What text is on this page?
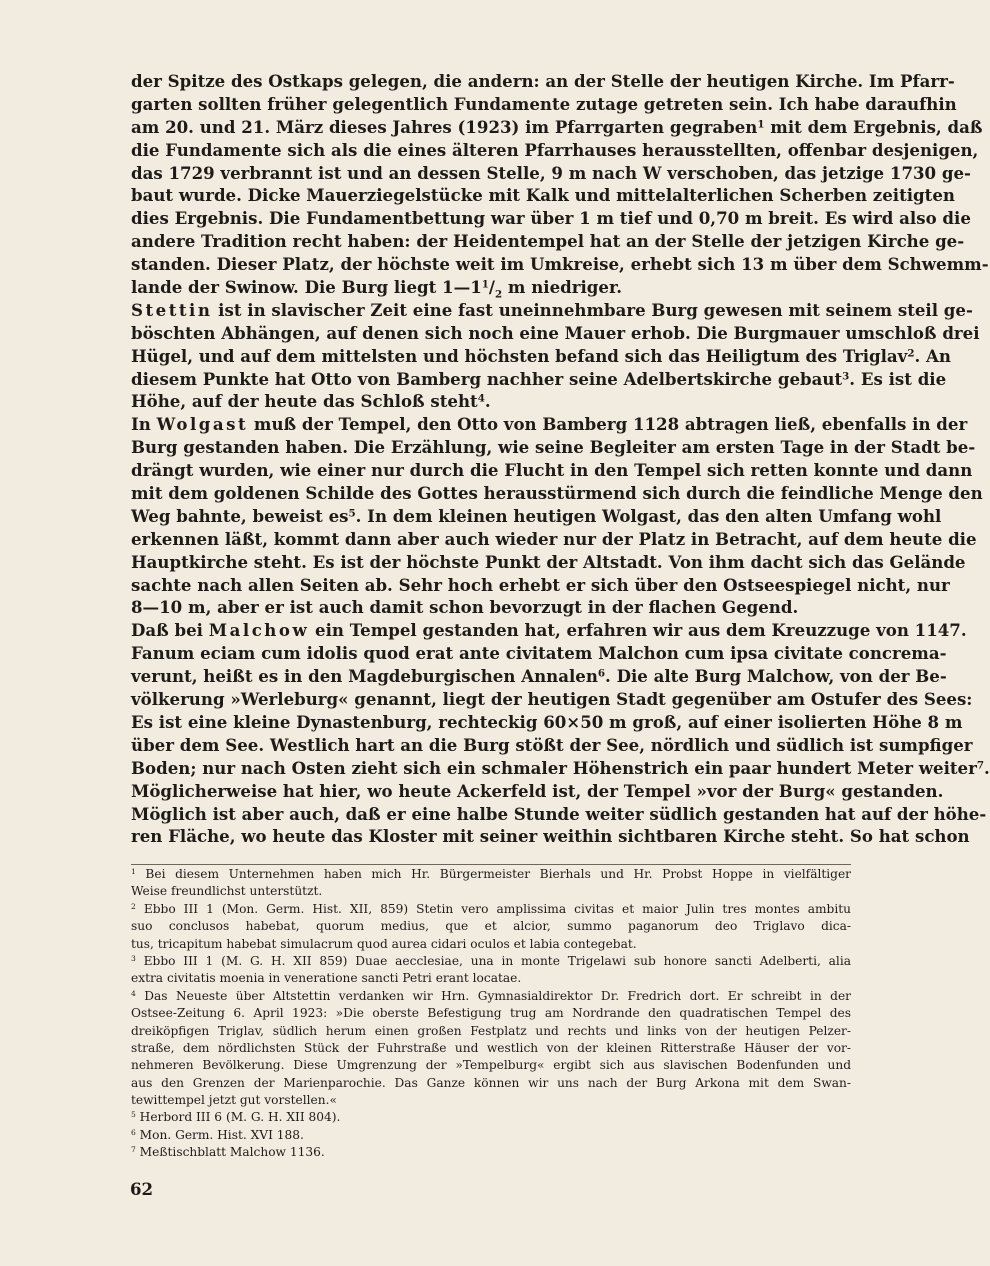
der Spitze des Ostkaps gelegen, die andern: an der Stelle der heutigen Kirche. Im Pfarr-
garten sollten früher gelegentlich Fundamente zutage getreten sein. Ich habe daraufhin
am 20. und 21. März dieses Jahres (1923) im Pfarrgarten gegraben$^1$ mit dem Ergebnis, daß
die Fundamente sich als die eines älteren Pfarrhauses herausstellten, offenbar desjenigen,
das 1729 verbrannt ist und an dessen Stelle, 9 m nach W verschoben, das jetzige 1730 ge-
baut wurde. Dicke Mauerziegelstücke mit Kalk und mittelalterlichen Scherben zeitigten
dies Ergebnis. Die Fundamentbettung war über 1 m tief und 0,70 m breit. Es wird also die
andere Tradition recht haben: der Heidentempel hat an der Stelle der jetzigen Kirche ge-
standen. Dieser Platz, der höchste weit im Umkreise, erhebt sich 13 m über dem Schwemm-
lande der Swinow. Die Burg liegt $1—1^1/_2$ m niedriger.
Stettin ist in slavischer Zeit eine fast uneinnehmbare Burg gewesen mit seinem steil ge-
böschten Abhängen, auf denen sich noch eine Mauer erhob. Die Burgmauer umschloß drei
Hügel, und auf dem mittelsten und höchsten befand sich das Heiligtum des Triglav$^2$. An
diesem Punkte hat Otto von Bamberg nachher seine Adelbertskirche gebaut$^3$. Es ist die
Höhe, auf der heute das Schloß steht$^4$.
In Wolgast muß der Tempel, den Otto von Bamberg 1128 abtragen ließ, ebenfalls in der
Burg gestanden haben. Die Erzählung, wie seine Begleiter am ersten Tage in der Stadt be-
drängt wurden, wie einer nur durch die Flucht in den Tempel sich retten konnte und dann
mit dem goldenen Schilde des Gottes herausstürmend sich durch die feindliche Menge den
Weg bahnte, beweist $es^5$. In dem kleinen heutigen Wolgast, das den alten Umfang wohl
erkennen läßt, kommt dann aber auch wieder nur der Platz in Betracht, auf dem heute die
Hauptkirche steht. Es ist der höchste Punkt der Altstadt. Von ihm dacht sich das Gelände
sachte nach allen Seiten ab. Sehr hoch erhebt er sich über den Ostseespiegel nicht, nur
8—10 m, aber er ist auch damit schon bevorzugt in der flachen Gegend.
Daß bei Malchow ein Tempel gestanden hat, erfahren wir aus dem Kreuzzuge von 1147.
Fanum eciam cum idolis quod erat ante civitatem Malchon cum ipsa civitate concrema-
verunt, heißt es in den Magdeburgischen Annalen$^6$. Die alte Burg Malchow, von der Be-
völkerung »Werleburg« genannt, liegt der heutigen Stadt gegenüber am Ostufer des Sees:
Es ist eine kleine Dynastenburg, rechteckig 60×50 m groß, auf einer isolierten Höhe 8 m
über dem See. Westlich hart an die Burg stößt der See, nördlich und südlich ist sumpfiger
Boden; nur nach Osten zieht sich ein schmaler Höhenstrich ein paar hundert Meter weiter$^7$.
Möglicherweise hat hier, wo heute Ackerfeld ist, der Tempel »vor der Burg« gestanden.
Möglich ist aber auch, daß er eine halbe Stunde weiter südlich gestanden hat auf der höhe-
ren Fläche, wo heute das Kloster mit seiner weithin sichtbaren Kirche steht. So hat schon
$^1$ Bei diesem Unternehmen haben mich Hr. Bürgermeister Bierhals und Hr. Probst Hoppe in vielfältiger
Weise freundlichst unterstützt.
$^2$ Ebbo III 1 (Mon. Germ. Hist. XII, 859) Stetin vero amplissima civitas et maior Julin tres montes ambitu
suo conclusos habebat, quorum medius, que et alcior, summo paganorum deo Triglavo dica-
tus, tricapitum habebat simulacrum quod aurea cidari oculos et labia contegebat.
$^3$ Ebbo III 1 (M. G. H. XII 859) Duae aecclesiae, una in monte Trigelawi sub honore sancti Adelberti, alia
extra civitatis moenia in veneratione sancti Petri erant locatae.
$^4$ Das Neueste über Altstettin verdanken wir Hrn. Gymnasialdirektor Dr. Fredrich dort. Er schreibt in der
Ostsee-Zeitung 6. April 1923: »Die oberste Befestigung trug am Nordrande den quadratischen Tempel des
dreiköpfigen Triglav, südlich herum einen großen Festplatz und rechts und links von der heutigen Pelzer-
straße, dem nördlichsten Stück der Fuhrstraße und westlich von der kleinen Ritterstraße Häuser der vor-
nehmeren Bevölkerung. Diese Umgrenzung der »Tempelburg« ergibt sich aus slavischen Bodenfunden und
aus den Grenzen der Marienparochie. Das Ganze können wir uns nach der Burg Arkona mit dem Swan-
tewittempel jetzt gut vorstellen.«
$^5$ Herbord III 6 (M. G. H. XII 804).
$^6$ Mon. Germ. Hist. XVI 188.
$^7$ Meßtischblatt Malchow 1136.
62
